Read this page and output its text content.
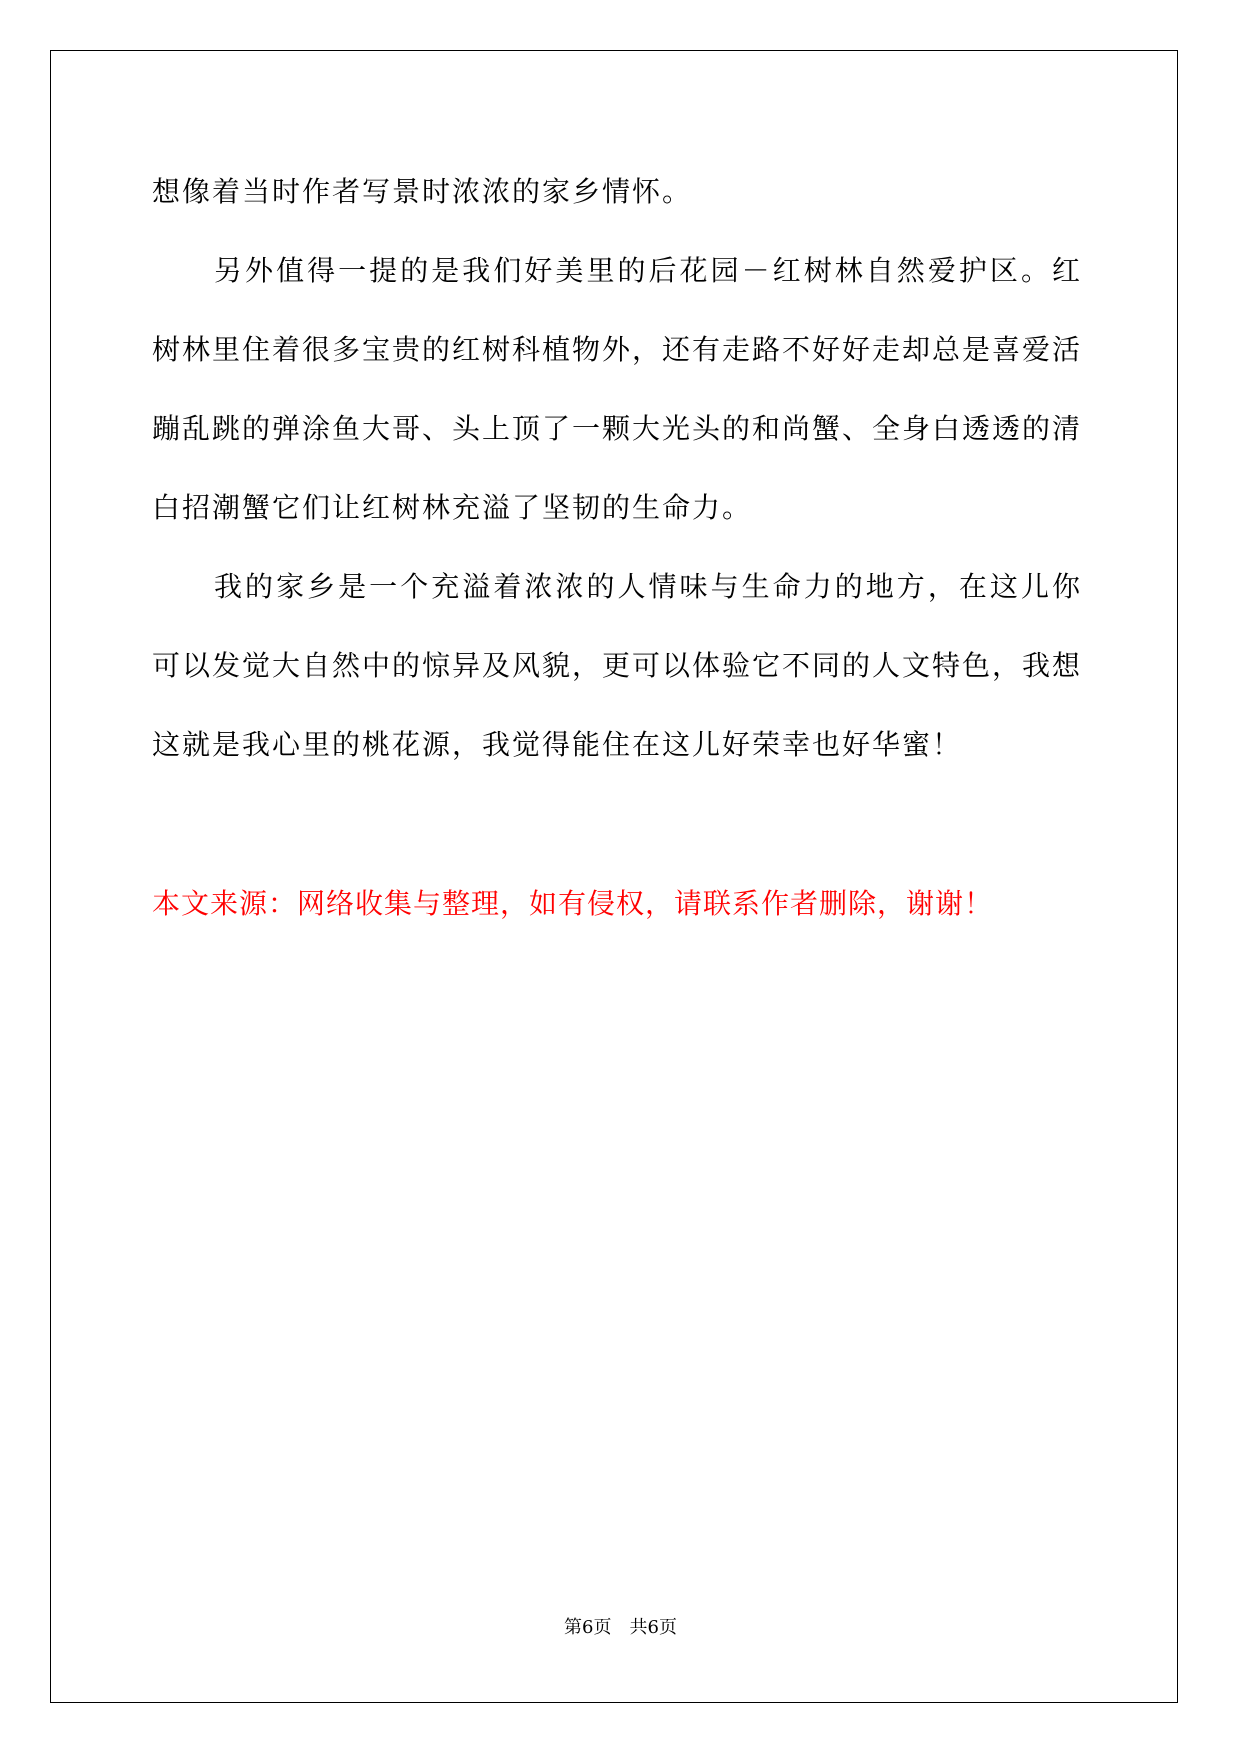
想像着当时作者写景时浓浓的家乡情怀。

另外值得一提的是我们好美里的后花园－红树林自然爱护区。红树林里住着很多宝贵的红树科植物外，还有走路不好好走却总是喜爱活蹦乱跳的弹涂鱼大哥、头上顶了一颗大光头的和尚蟹、全身白透透的清白招潮蟹它们让红树林充溢了坚韧的生命力。

我的家乡是一个充溢着浓浓的人情味与生命力的地方，在这儿你可以发觉大自然中的惊异及风貌，更可以体验它不同的人文特色，我想这就是我心里的桃花源，我觉得能住在这儿好荣幸也好华蜜！

本文来源：网络收集与整理，如有侵权，请联系作者删除，谢谢！

第6页　共6页
